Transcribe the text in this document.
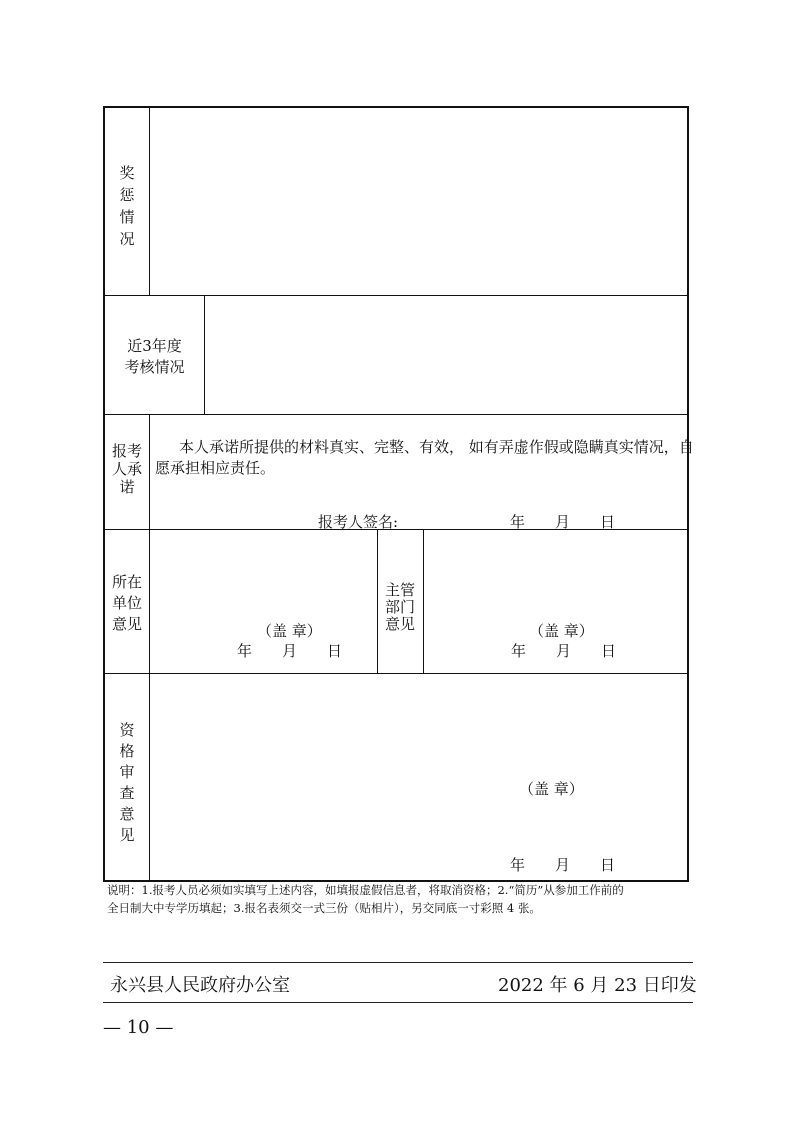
奖惩情况
近3年度
考核情况
报考人承诺
本人承诺所提供的材料真实、完整、有效， 如有弄虚作假或隐瞒真实情况，自
愿承担相应责任。
报考人签名:	年　　月　　日
所在单位意见	（盖 章）
年　　月　　日
主管部门意见	（盖 章）
年　　月　　日
资格审查意见
（盖 章）
年　　月　　日
说明：1.报考人员必须如实填写上述内容，如填报虚假信息者，将取消资格；2.“简历”从参加工作前的
全日制大中专学历填起；3.报名表须交一式三份（贴相片），另交同底一寸彩照 4 张。
永兴县人民政府办公室	2022 年 6 月 23 日印发
— 10 —
